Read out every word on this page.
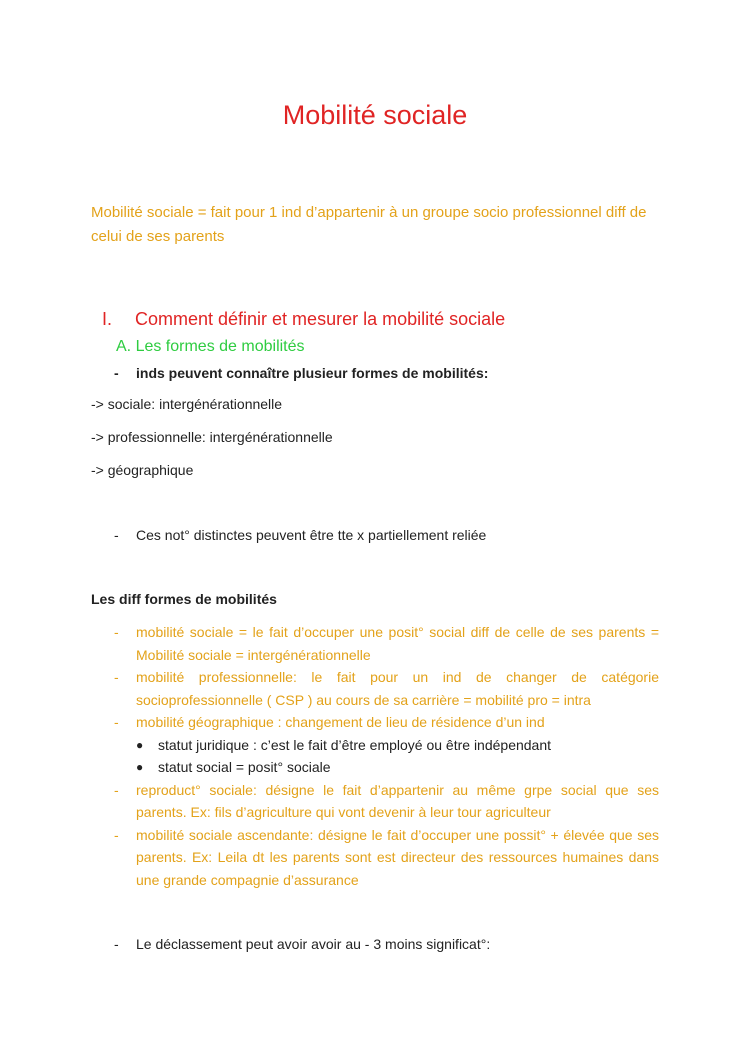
Mobilité sociale

Mobilité sociale = fait pour 1 ind d’appartenir à un groupe socio professionnel diff de celui de ses parents

I. Comment définir et mesurer la mobilité sociale
A. Les formes de mobilités
- inds peuvent connaître plusieur formes de mobilités:
-> sociale: intergénérationnelle
-> professionnelle: intergénérationnelle
-> géographique
- Ces not° distinctes peuvent être tte x partiellement reliée
Les diff formes de mobilités
- mobilité sociale = le fait d’occuper une posit° social diff de celle de ses parents = Mobilité sociale = intergénérationnelle
- mobilité professionnelle: le fait pour un ind de changer de catégorie socioprofessionnelle ( CSP ) au cours de sa carrière = mobilité pro = intra
- mobilité géographique : changement de lieu de résidence d’un ind
● statut juridique : c’est le fait d’être employé ou être indépendant
● statut social = posit° sociale
- reproduct° sociale: désigne le fait d’appartenir au même grpe social que ses parents. Ex: fils d’agriculture qui vont devenir à leur tour agriculteur
- mobilité sociale ascendante: désigne le fait d’occuper une possit° + élevée que ses parents. Ex: Leila dt les parents sont est directeur des ressources humaines dans une grande compagnie d’assurance
- Le déclassement peut avoir avoir au - 3 moins significat°:
